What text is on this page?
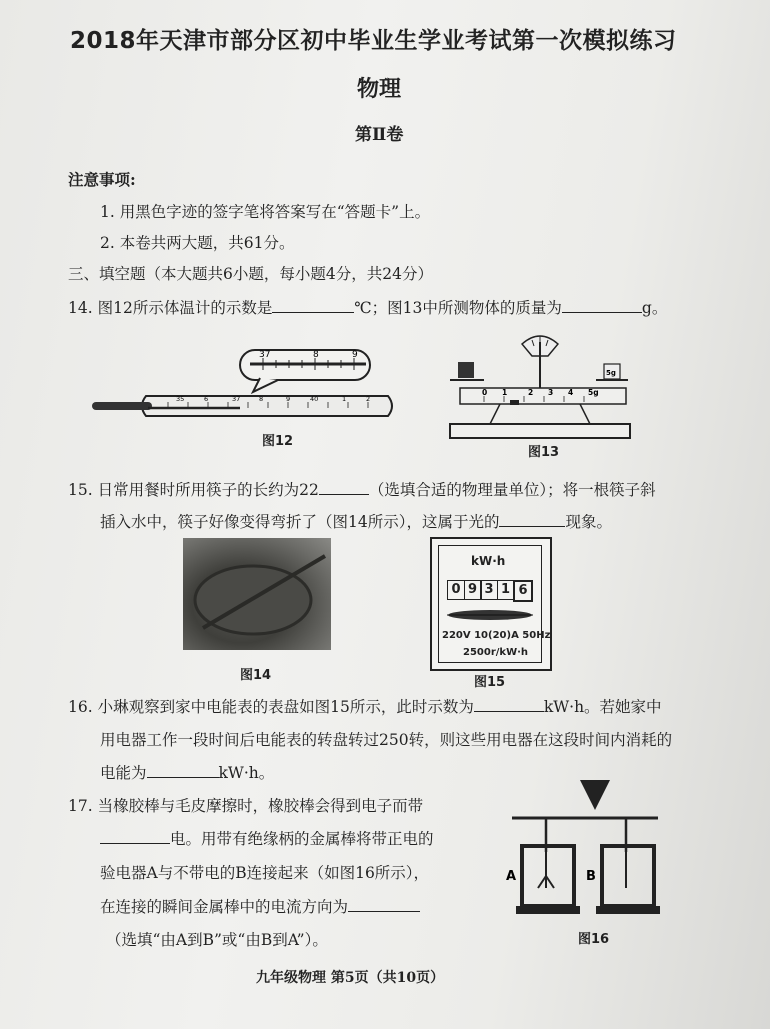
2018年天津市部分区初中毕业生学业考试第一次模拟练习
物理
第Ⅱ卷
注意事项:
1. 用黑色字迹的签字笔将答案写在“答题卡”上。
2. 本卷共两大题，共61分。
三、填空题（本大题共6小题，每小题4分，共24分）
14. 图12所示体温计的示数是	℃；图13中所测物体的质量为	g。
37	8	9
35	6	37	8	9	40	1	2
图12
5g
0 1	2 3 4 5g
图13
15. 日常用餐时所用筷子的长约为22	（选填合适的物理量单位）；将一根筷子斜
插入水中，筷子好像变得弯折了（图14所示），这属于光的	现象。
图14
kW·h
0 9 3 1 6
220V 10(20)A 50Hz
2500r/kW·h
图15
16. 小琳观察到家中电能表的表盘如图15所示，此时示数为	kW·h。若她家中
用电器工作一段时间后电能表的转盘转过250转，则这些用电器在这段时间内消耗的
电能为	kW·h。
17. 当橡胶棒与毛皮摩擦时，橡胶棒会得到电子而带
电。用带有绝缘柄的金属棒将带正电的
验电器A与不带电的B连接起来（如图16所示），
在连接的瞬间金属棒中的电流方向为
（选填“由A到B”或“由B到A”）。
A	B
图16
九年级物理 第5页（共10页）
